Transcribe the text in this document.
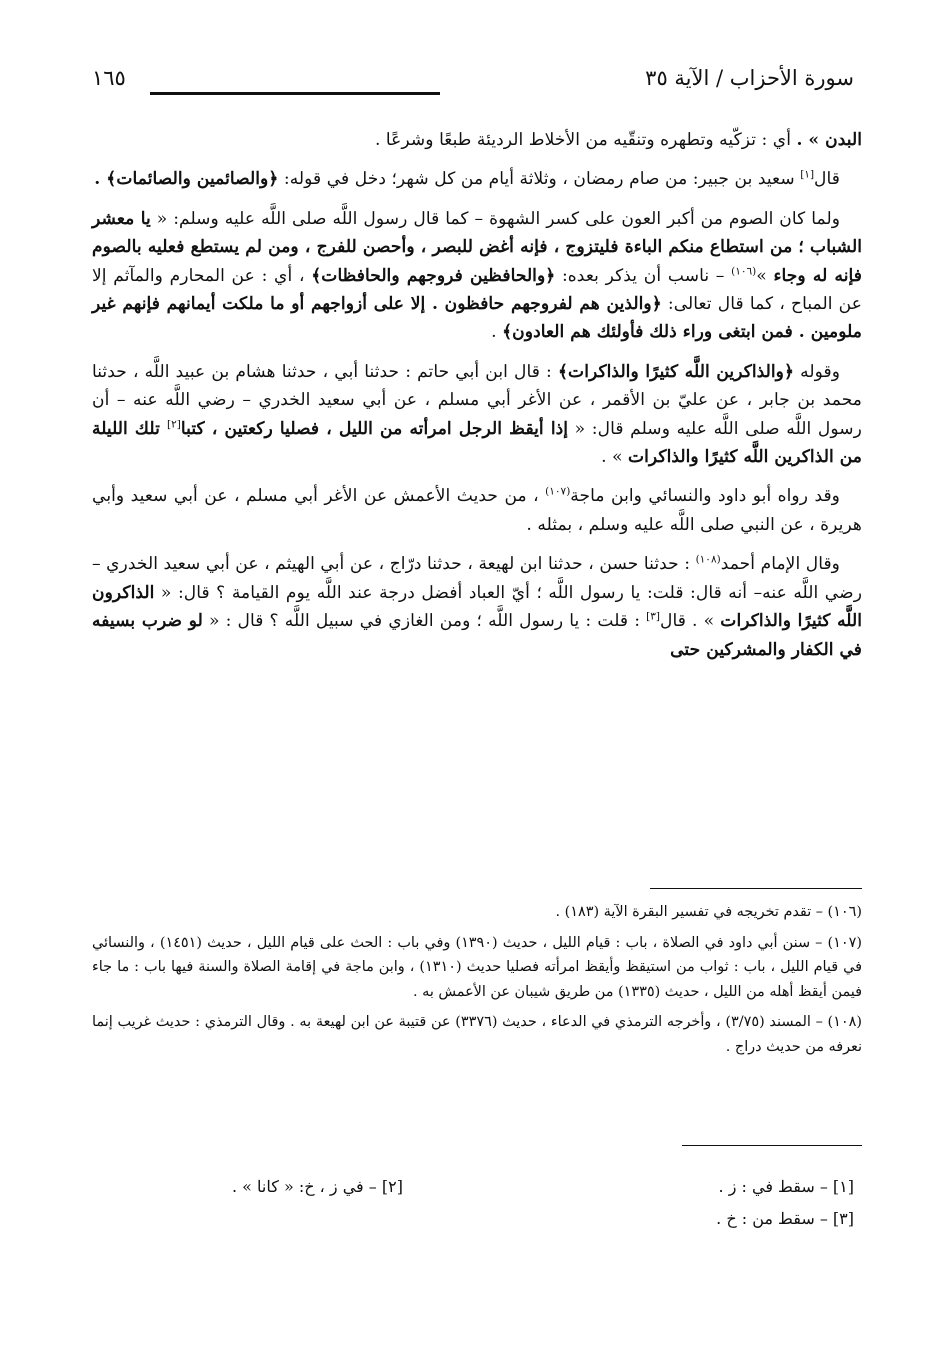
سورة الأحزاب / الآية ٣٥
١٦٥

البدن » . أي : تزكّيه وتطهره وتنقّيه من الأخلاط الرديئة طبعًا وشرعًا .

قال[١] سعيد بن جبير: من صام رمضان ، وثلاثة أيام من كل شهر؛ دخل في قوله: ﴿والصائمين والصائمات﴾ .

ولما كان الصوم من أكبر العون على كسر الشهوة – كما قال رسول اللَّه صلى اللَّه عليه وسلم: « يا معشر الشباب ؛ من استطاع منكم الباءة فليتزوج ، فإنه أغض للبصر ، وأحصن للفرج ، ومن لم يستطع فعليه بالصوم فإنه له وجاء »$^{(١٠٦)}$ – ناسب أن يذكر بعده: ﴿والحافظين فروجهم والحافظات﴾ ، أي : عن المحارم والمآثم إلا عن المباح ، كما قال تعالى: ﴿والذين هم لفروجهم حافظون . إلا على أزواجهم أو ما ملكت أيمانهم فإنهم غير ملومين . فمن ابتغى وراء ذلك فأولئك هم العادون﴾ .

وقوله ﴿والذاكرين اللَّه كثيرًا والذاكرات﴾ : قال ابن أبي حاتم : حدثنا أبي ، حدثنا هشام بن عبيد اللَّه ، حدثنا محمد بن جابر ، عن عليّ بن الأقمر ، عن الأغر أبي مسلم ، عن أبي سعيد الخدري – رضي اللَّه عنه – أن رسول اللَّه صلى اللَّه عليه وسلم قال: « إذا أيقظ الرجل امرأته من الليل ، فصليا ركعتين ، كتبا[٢] تلك الليلة من الذاكرين اللَّه كثيرًا والذاكرات » .

وقد رواه أبو داود والنسائي وابن ماجة$^{(١٠٧)}$ ، من حديث الأعمش عن الأغر أبي مسلم ، عن أبي سعيد وأبي هريرة ، عن النبي صلى اللَّه عليه وسلم ، بمثله .

وقال الإمام أحمد$^{(١٠٨)}$ : حدثنا حسن ، حدثنا ابن لهيعة ، حدثنا درّاج ، عن أبي الهيثم ، عن أبي سعيد الخدري –رضي اللَّه عنه– أنه قال: قلت: يا رسول اللَّه ؛ أيّ العباد أفضل درجة عند اللَّه يوم القيامة ؟ قال: « الذاكرون اللَّه كثيرًا والذاكرات » . قال[٣] : قلت : يا رسول اللَّه ؛ ومن الغازي في سبيل اللَّه ؟ قال : « لو ضرب بسيفه في الكفار والمشركين حتى

(١٠٦) – تقدم تخريجه في تفسير البقرة الآية (١٨٣) .

(١٠٧) – سنن أبي داود في الصلاة ، باب : قيام الليل ، حديث (١٣٩٠) وفي باب : الحث على قيام الليل ، حديث (١٤٥١) ، والنسائي في قيام الليل ، باب : ثواب من استيقظ وأيقظ امرأته فصليا حديث (١٣١٠) ، وابن ماجة في إقامة الصلاة والسنة فيها باب : ما جاء فيمن أيقظ أهله من الليل ، حديث (١٣٣٥) من طريق شيبان عن الأعمش به .

(١٠٨) – المسند (٣/٧٥) ، وأخرجه الترمذي في الدعاء ، حديث (٣٣٧٦) عن قتيبة عن ابن لهيعة به . وقال الترمذي : حديث غريب إنما نعرفه من حديث دراج .

[١] – سقط في : ز .
[٢] – في ز ، خ: « كانا » .
[٣] – سقط من : خ .
